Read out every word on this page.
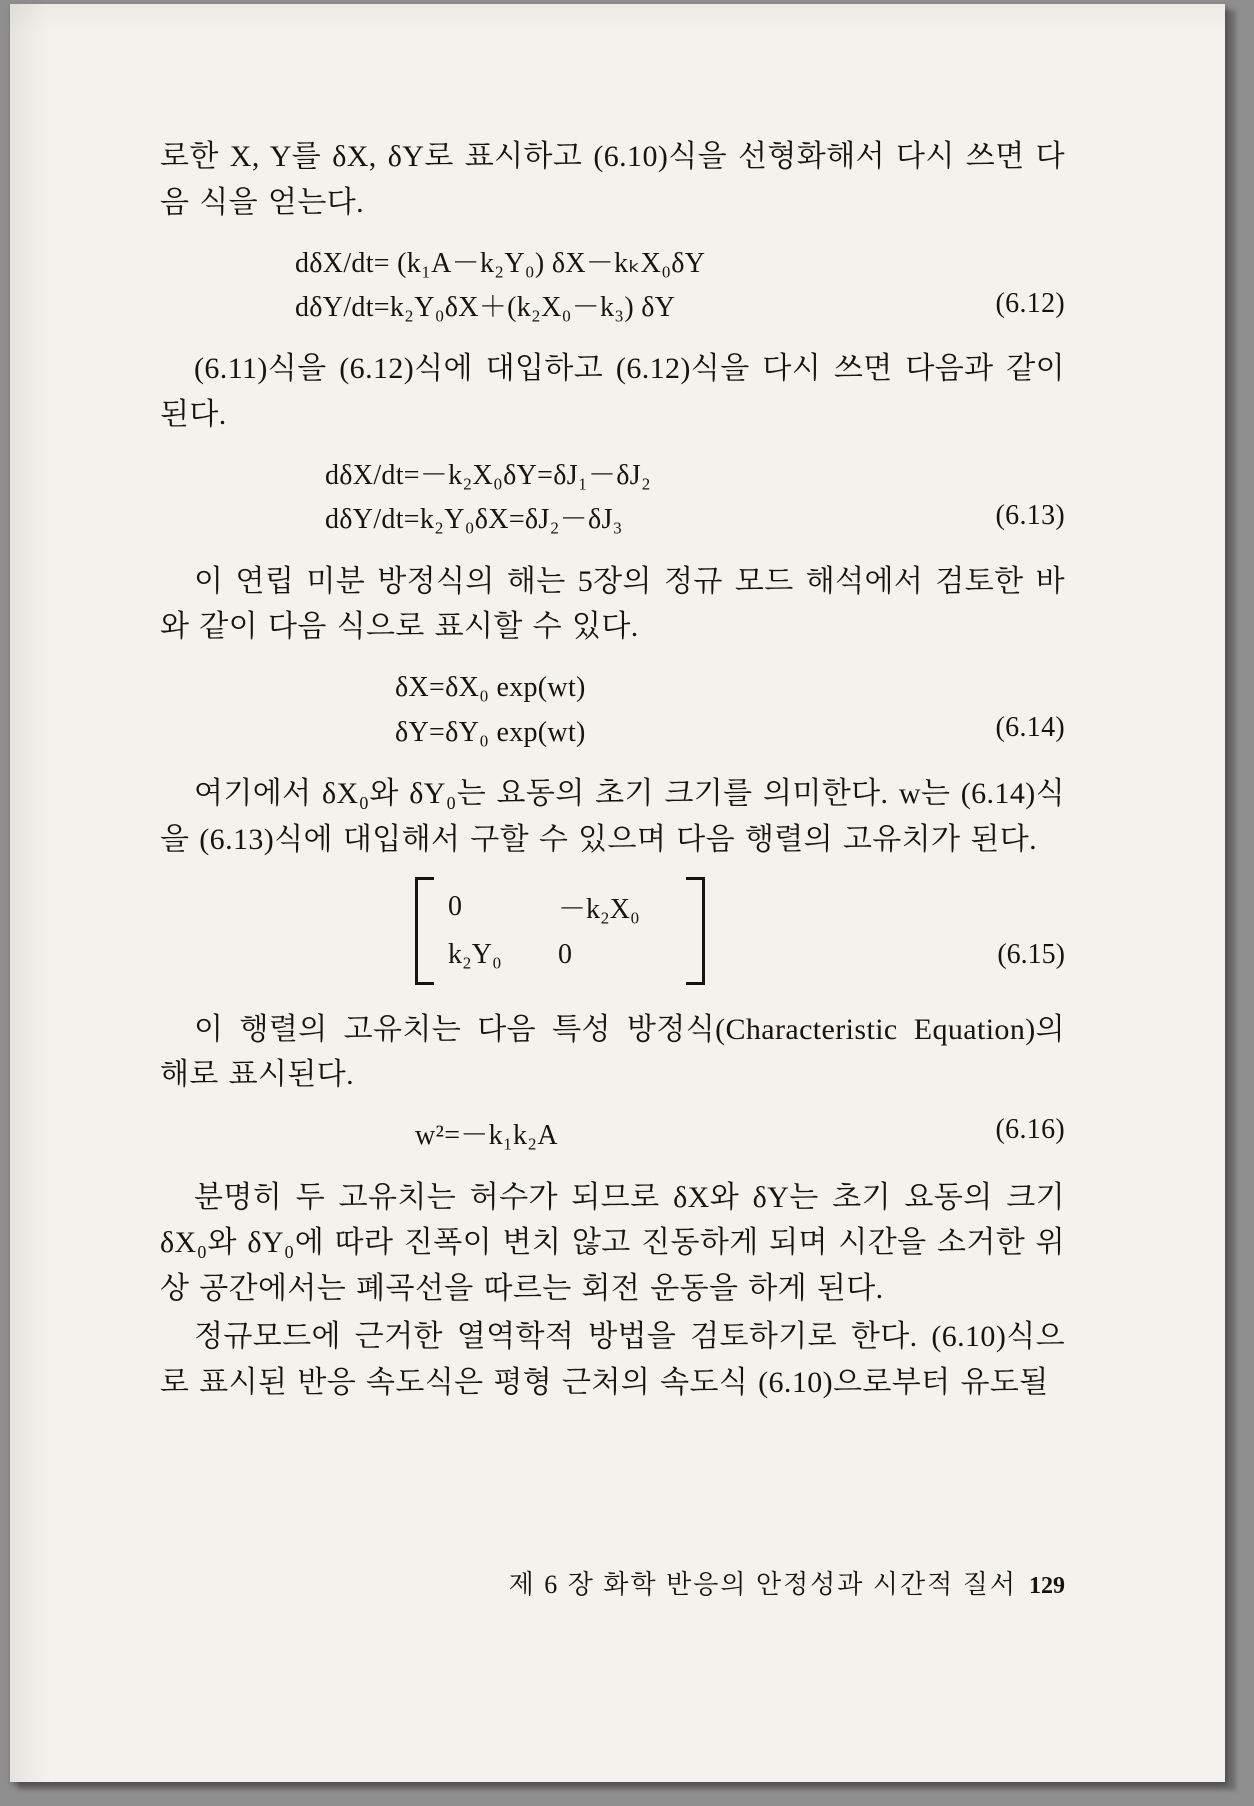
로한 X, Y를 δX, δY로 표시하고 (6.10)식을 선형화해서 다시 쓰면 다음 식을 얻는다.

dδX/dt= (k₁A－k₂Y₀) δX－kₖX₀δY
dδY/dt=k₂Y₀δX＋(k₂X₀－k₃) δY	(6.12)

(6.11)식을 (6.12)식에 대입하고 (6.12)식을 다시 쓰면 다음과 같이 된다.

dδX/dt=－k₂X₀δY=δJ₁－δJ₂
dδY/dt=k₂Y₀δX=δJ₂－δJ₃	(6.13)

이 연립 미분 방정식의 해는 5장의 정규 모드 해석에서 검토한 바와 같이 다음 식으로 표시할 수 있다.

δX=δX₀ exp(wt)
δY=δY₀ exp(wt)	(6.14)

여기에서 δX₀와 δY₀는 요동의 초기 크기를 의미한다. w는 (6.14)식을 (6.13)식에 대입해서 구할 수 있으며 다음 행렬의 고유치가 된다.

0	－k₂X₀
k₂Y₀	0	(6.15)

이 행렬의 고유치는 다음 특성 방정식(Characteristic Equation)의 해로 표시된다.

w²=－k₁k₂A	(6.16)

분명히 두 고유치는 허수가 되므로 δX와 δY는 초기 요동의 크기 δX₀와 δY₀에 따라 진폭이 변치 않고 진동하게 되며 시간을 소거한 위상 공간에서는 폐곡선을 따르는 회전 운동을 하게 된다.

정규모드에 근거한 열역학적 방법을 검토하기로 한다. (6.10)식으로 표시된 반응 속도식은 평형 근처의 속도식 (6.10)으로부터 유도될

제 6 장 화학 반응의 안정성과 시간적 질서 129
